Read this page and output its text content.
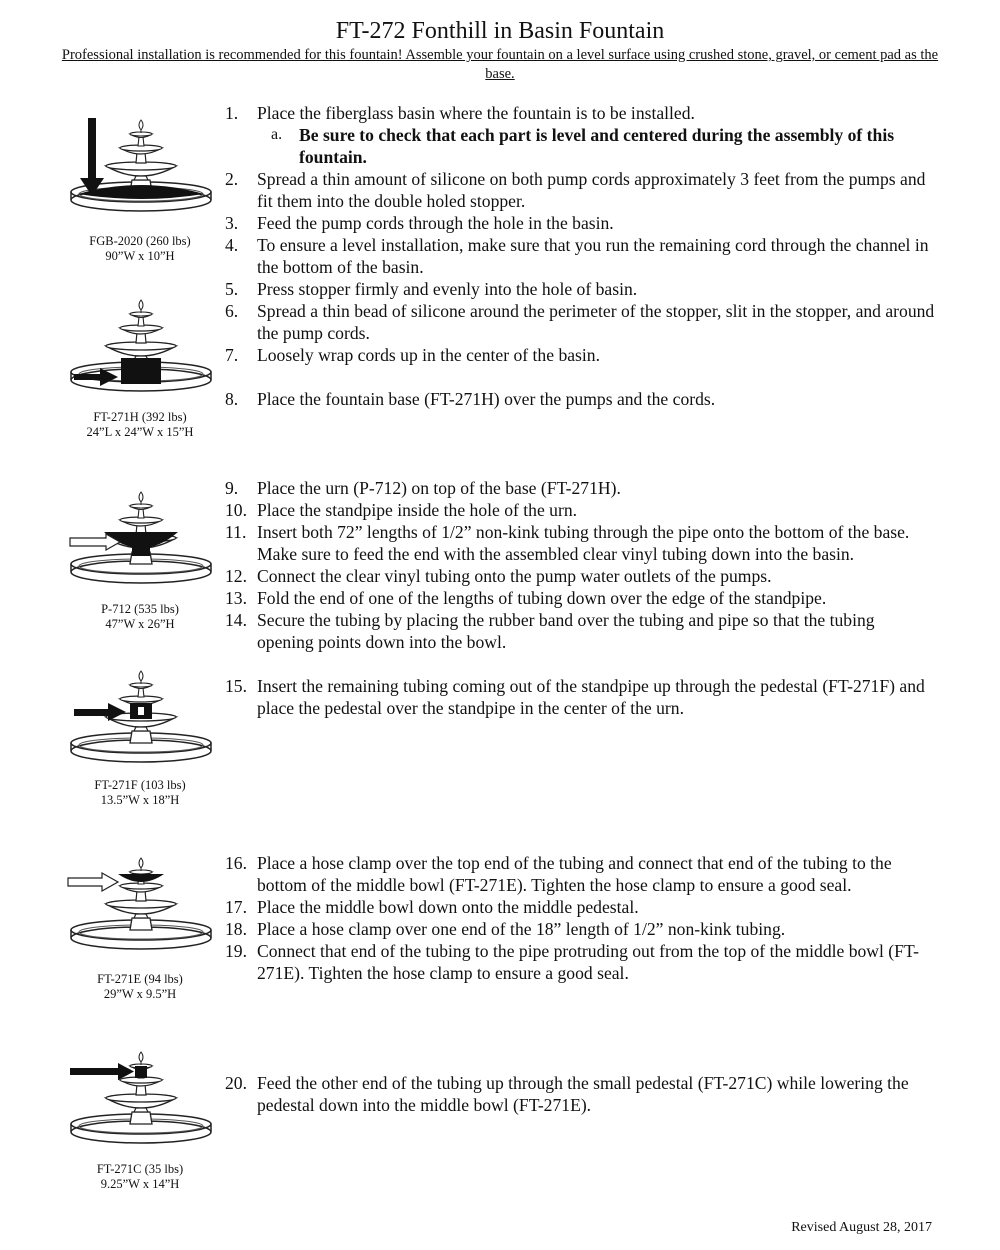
FT-272 Fonthill in Basin Fountain
Professional installation is recommended for this fountain! Assemble your fountain on a level surface using crushed stone, gravel, or cement pad as the base.
FGB-2020 (260 lbs)
90”W x 10”H
FT-271H (392 lbs)
24”L x 24”W x 15”H
P-712 (535 lbs)
47”W x 26”H
FT-271F (103 lbs)
13.5”W x 18”H
FT-271E (94 lbs)
29”W x 9.5”H
FT-271C (35 lbs)
9.25”W x 14”H
1. Place the fiberglass basin where the fountain is to be installed.
a. Be sure to check that each part is level and centered during the assembly of this fountain.
2. Spread a thin amount of silicone on both pump cords approximately 3 feet from the pumps and fit them into the double holed stopper.
3. Feed the pump cords through the hole in the basin.
4. To ensure a level installation, make sure that you run the remaining cord through the channel in the bottom of the basin.
5. Press stopper firmly and evenly into the hole of basin.
6. Spread a thin bead of silicone around the perimeter of the stopper, slit in the stopper, and around the pump cords.
7. Loosely wrap cords up in the center of the basin.
8. Place the fountain base (FT-271H) over the pumps and the cords.
9. Place the urn (P-712) on top of the base (FT-271H).
10. Place the standpipe inside the hole of the urn.
11. Insert both 72” lengths of 1/2” non-kink tubing through the pipe onto the bottom of the base. Make sure to feed the end with the assembled clear vinyl tubing down into the basin.
12. Connect the clear vinyl tubing onto the pump water outlets of the pumps.
13. Fold the end of one of the lengths of tubing down over the edge of the standpipe.
14. Secure the tubing by placing the rubber band over the tubing and pipe so that the tubing opening points down into the bowl.
15. Insert the remaining tubing coming out of the standpipe up through the pedestal (FT-271F) and place the pedestal over the standpipe in the center of the urn.
16. Place a hose clamp over the top end of the tubing and connect that end of the tubing to the bottom of the middle bowl (FT-271E). Tighten the hose clamp to ensure a good seal.
17. Place the middle bowl down onto the middle pedestal.
18. Place a hose clamp over one end of the 18” length of 1/2” non-kink tubing.
19. Connect that end of the tubing to the pipe protruding out from the top of the middle bowl (FT-271E). Tighten the hose clamp to ensure a good seal.
20. Feed the other end of the tubing up through the small pedestal (FT-271C) while lowering the pedestal down into the middle bowl (FT-271E).
Revised August 28, 2017
